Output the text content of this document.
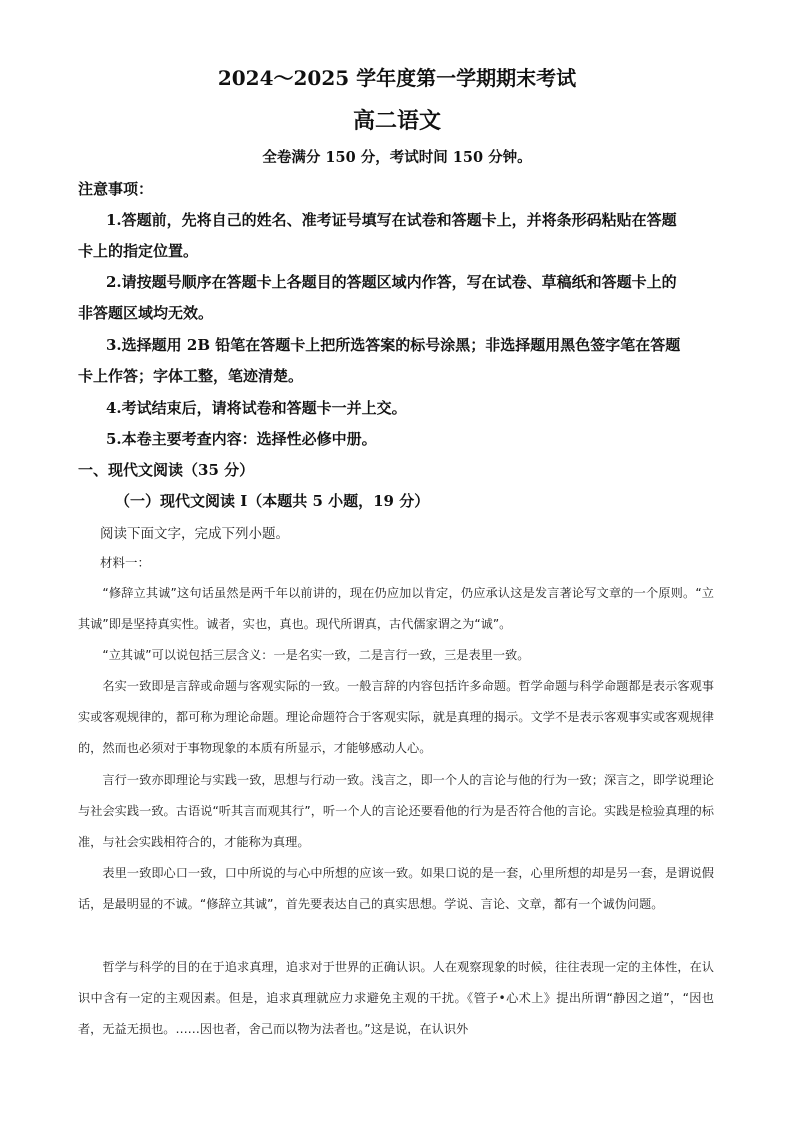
2024～2025 学年度第一学期期末考试
高二语文
全卷满分 150 分，考试时间 150 分钟。
注意事项：
1.答题前，先将自己的姓名、准考证号填写在试卷和答题卡上，并将条形码粘贴在答题
卡上的指定位置。
2.请按题号顺序在答题卡上各题目的答题区域内作答，写在试卷、草稿纸和答题卡上的
非答题区域均无效。
3.选择题用 2B 铅笔在答题卡上把所选答案的标号涂黑；非选择题用黑色签字笔在答题
卡上作答；字体工整，笔迹清楚。
4.考试结束后，请将试卷和答题卡一并上交。
5.本卷主要考查内容：选择性必修中册。
一、现代文阅读（35 分）
（一）现代文阅读 I（本题共 5 小题，19 分）
阅读下面文字，完成下列小题。
材料一：
“修辞立其诚”这句话虽然是两千年以前讲的，现在仍应加以肯定，仍应承认这是发言著论写文章的一个原则。“立其诚”即是坚持真实性。诚者，实也，真也。现代所谓真，古代儒家谓之为“诚”。
“立其诚”可以说包括三层含义：一是名实一致，二是言行一致，三是表里一致。
名实一致即是言辞或命题与客观实际的一致。一般言辞的内容包括许多命题。哲学命题与科学命题都是表示客观事实或客观规律的，都可称为理论命题。理论命题符合于客观实际，就是真理的揭示。文学不是表示客观事实或客观规律的，然而也必须对于事物现象的本质有所显示，才能够感动人心。
言行一致亦即理论与实践一致，思想与行动一致。浅言之，即一个人的言论与他的行为一致；深言之，即学说理论与社会实践一致。古语说“听其言而观其行”，听一个人的言论还要看他的行为是否符合他的言论。实践是检验真理的标准，与社会实践相符合的，才能称为真理。
表里一致即心口一致，口中所说的与心中所想的应该一致。如果口说的是一套，心里所想的却是另一套，是谓说假话，是最明显的不诚。“修辞立其诚”，首先要表达自己的真实思想。学说、言论、文章，都有一个诚伪问题。
哲学与科学的目的在于追求真理，追求对于世界的正确认识。人在观察现象的时候，往往表现一定的主体性，在认识中含有一定的主观因素。但是，追求真理就应力求避免主观的干扰。《管子•心术上》提出所谓“静因之道”，“因也者，无益无损也。……因也者，舍己而以物为法者也。”这是说，在认识外
